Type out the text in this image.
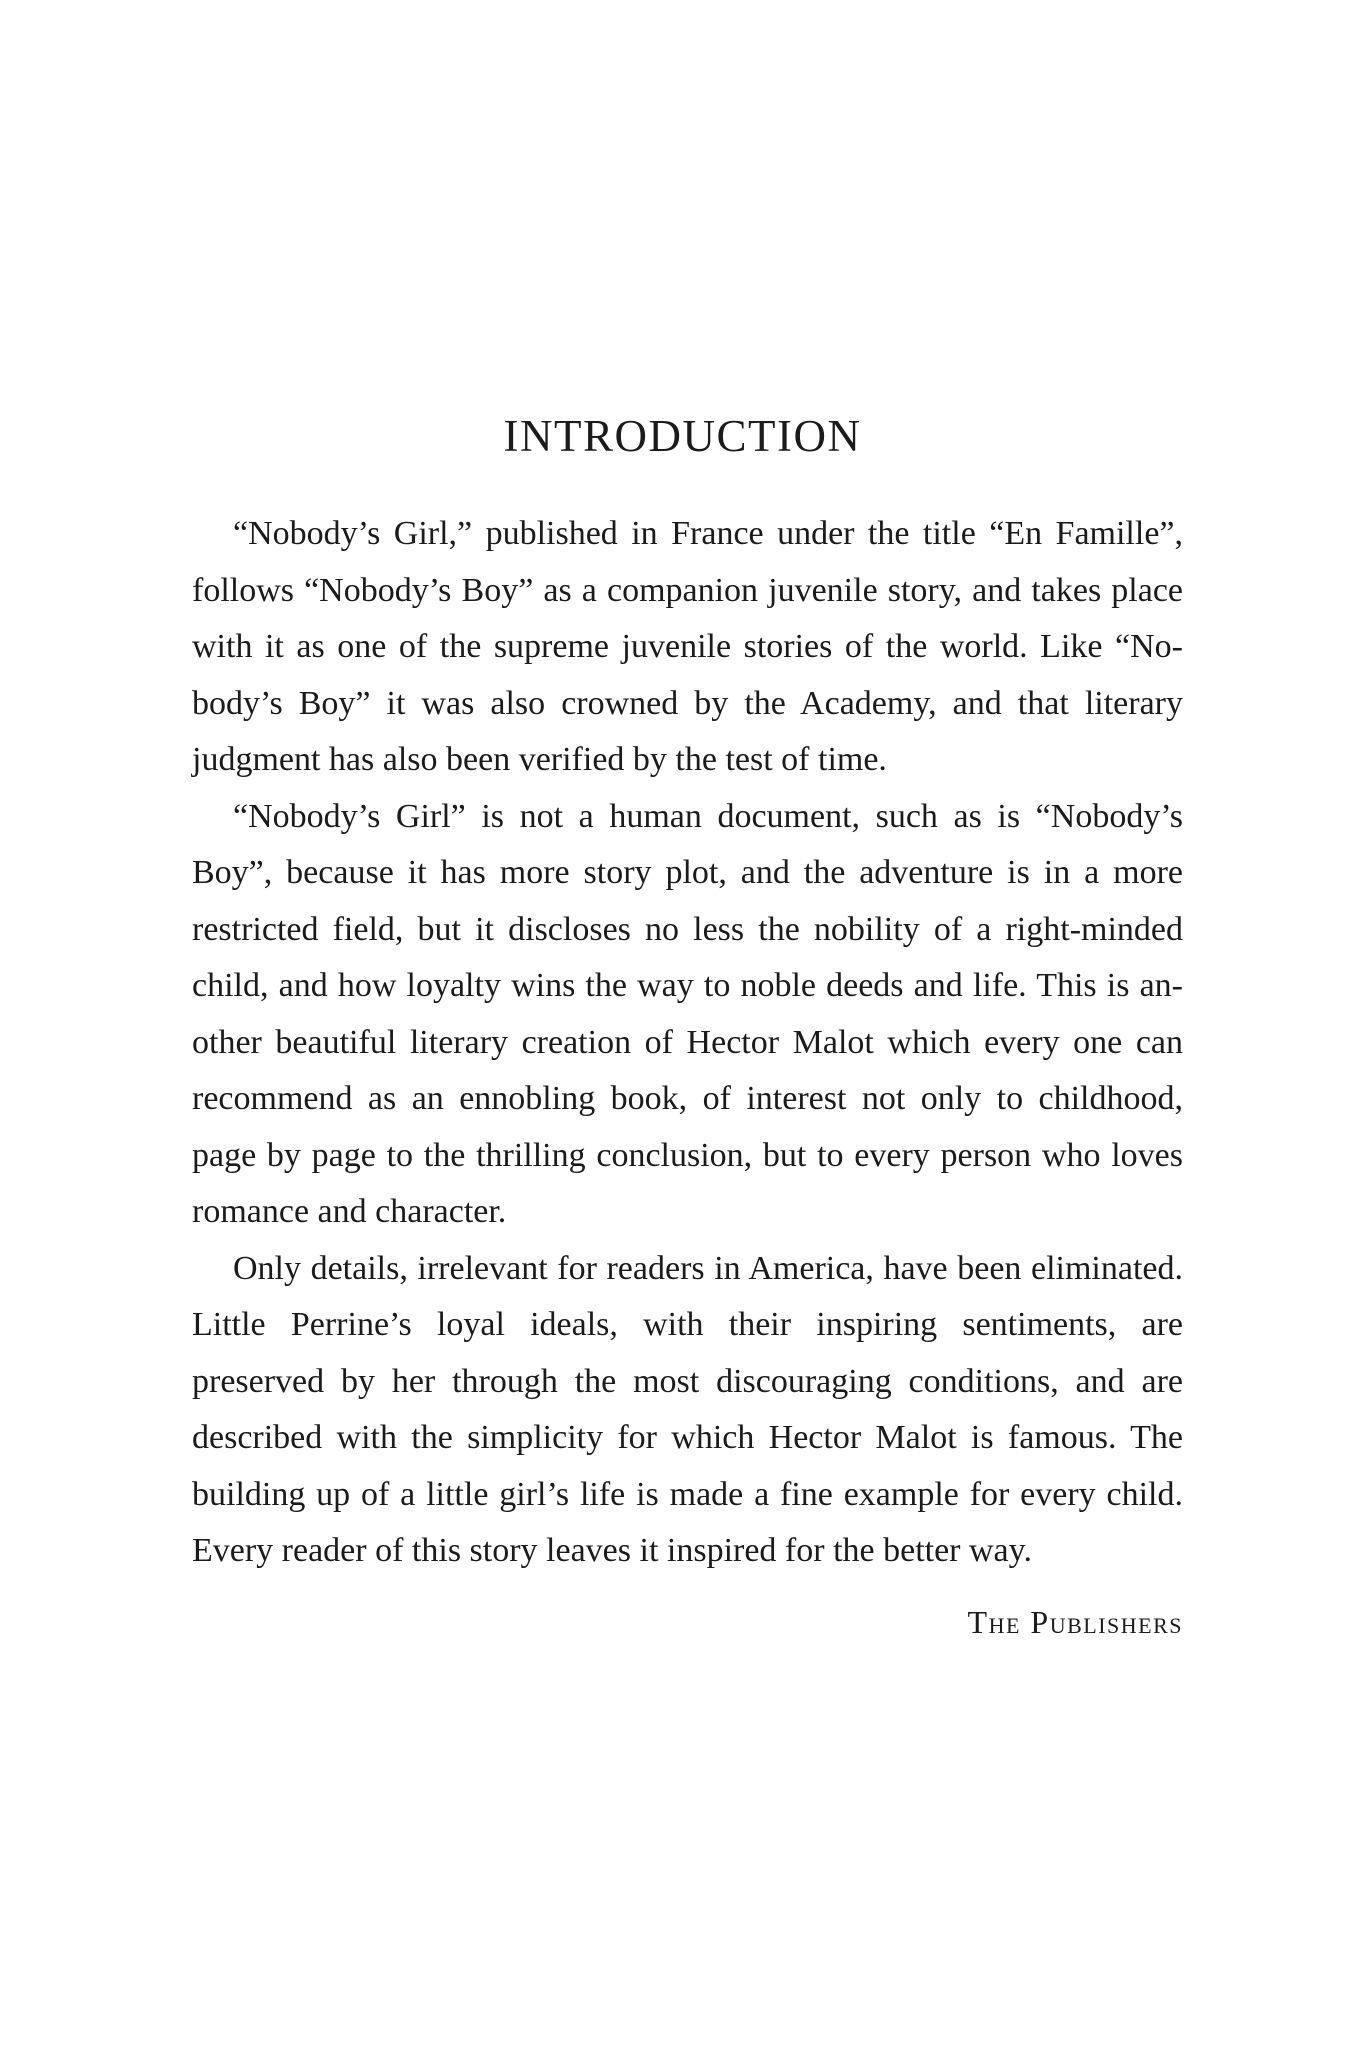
INTRODUCTION

“Nobody’s Girl,” published in France under the title “En Famille”, follows “Nobody’s Boy” as a companion juvenile story, and takes place with it as one of the supreme juvenile stories of the world. Like “Nobody’s Boy” it was also crowned by the Academy, and that literary judgment has also been verified by the test of time.

“Nobody’s Girl” is not a human document, such as is “Nobody’s Boy”, because it has more story plot, and the adventure is in a more restricted field, but it discloses no less the nobility of a right-minded child, and how loyalty wins the way to noble deeds and life. This is another beautiful literary creation of Hector Malot which every one can recommend as an ennobling book, of interest not only to childhood, page by page to the thrilling conclusion, but to every person who loves romance and character.

Only details, irrelevant for readers in America, have been eliminated. Little Perrine’s loyal ideals, with their inspiring sentiments, are preserved by her through the most discouraging conditions, and are described with the simplicity for which Hector Malot is famous. The building up of a little girl’s life is made a fine example for every child. Every reader of this story leaves it inspired for the better way.

The Publishers
